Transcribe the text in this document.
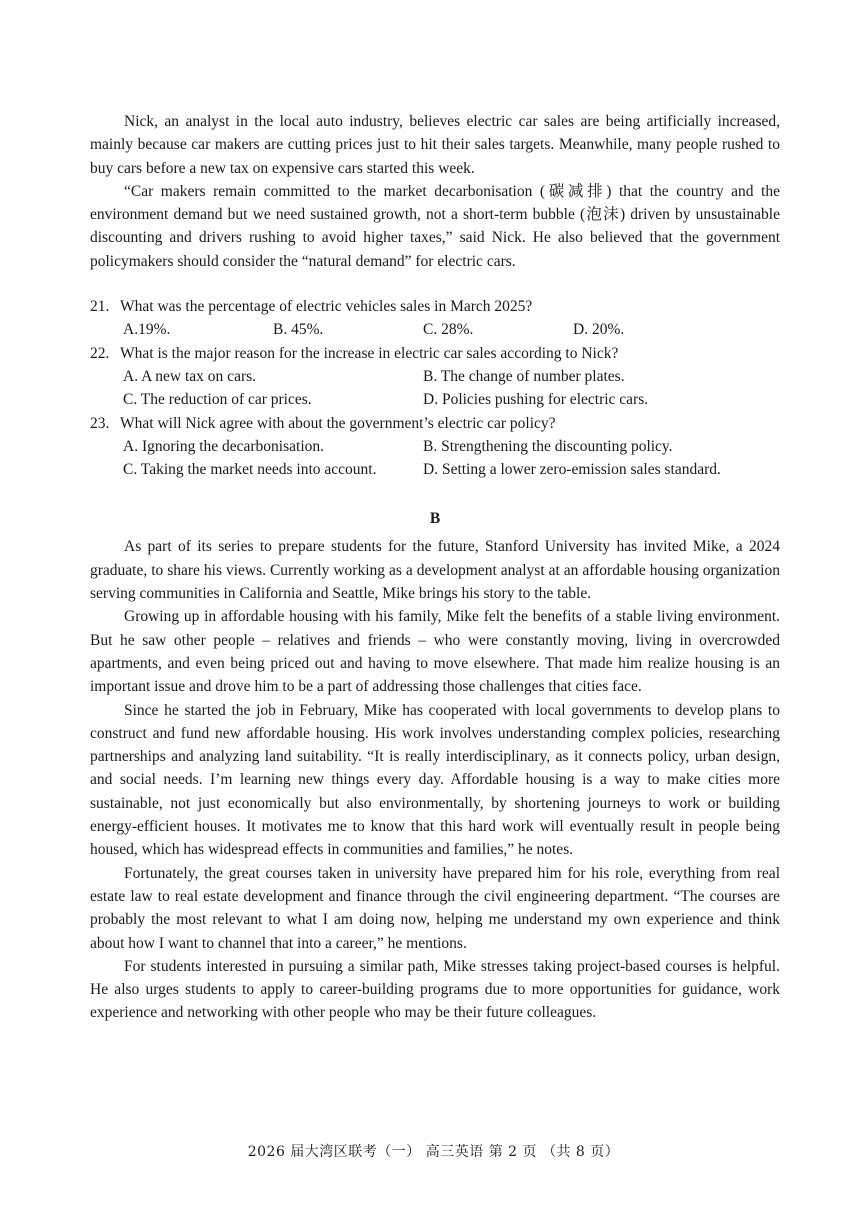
Nick, an analyst in the local auto industry, believes electric car sales are being artificially increased, mainly because car makers are cutting prices just to hit their sales targets. Meanwhile, many people rushed to buy cars before a new tax on expensive cars started this week.

“Car makers remain committed to the market decarbonisation (碳减排) that the country and the environment demand but we need sustained growth, not a short-term bubble (泡沫) driven by unsustainable discounting and drivers rushing to avoid higher taxes,” said Nick. He also believed that the government policymakers should consider the “natural demand” for electric cars.

21. What was the percentage of electric vehicles sales in March 2025?

A.19%.	B. 45%.	C. 28%.	D. 20%.

22. What is the major reason for the increase in electric car sales according to Nick?

A. A new tax on cars.	B. The change of number plates.
C. The reduction of car prices.	D. Policies pushing for electric cars.

23. What will Nick agree with about the government’s electric car policy?

A. Ignoring the decarbonisation.	B. Strengthening the discounting policy.
C. Taking the market needs into account.	D. Setting a lower zero-emission sales standard.
B

As part of its series to prepare students for the future, Stanford University has invited Mike, a 2024 graduate, to share his views. Currently working as a development analyst at an affordable housing organization serving communities in California and Seattle, Mike brings his story to the table.

Growing up in affordable housing with his family, Mike felt the benefits of a stable living environment. But he saw other people – relatives and friends – who were constantly moving, living in overcrowded apartments, and even being priced out and having to move elsewhere. That made him realize housing is an important issue and drove him to be a part of addressing those challenges that cities face.

Since he started the job in February, Mike has cooperated with local governments to develop plans to construct and fund new affordable housing. His work involves understanding complex policies, researching partnerships and analyzing land suitability. “It is really interdisciplinary, as it connects policy, urban design, and social needs. I’m learning new things every day. Affordable housing is a way to make cities more sustainable, not just economically but also environmentally, by shortening journeys to work or building energy-efficient houses. It motivates me to know that this hard work will eventually result in people being housed, which has widespread effects in communities and families,” he notes.

Fortunately, the great courses taken in university have prepared him for his role, everything from real estate law to real estate development and finance through the civil engineering department. “The courses are probably the most relevant to what I am doing now, helping me understand my own experience and think about how I want to channel that into a career,” he mentions.

For students interested in pursuing a similar path, Mike stresses taking project-based courses is helpful. He also urges students to apply to career-building programs due to more opportunities for guidance, work experience and networking with other people who may be their future colleagues.

2026 届大湾区联考（一） 高三英语 第 2 页 （共 8 页）
